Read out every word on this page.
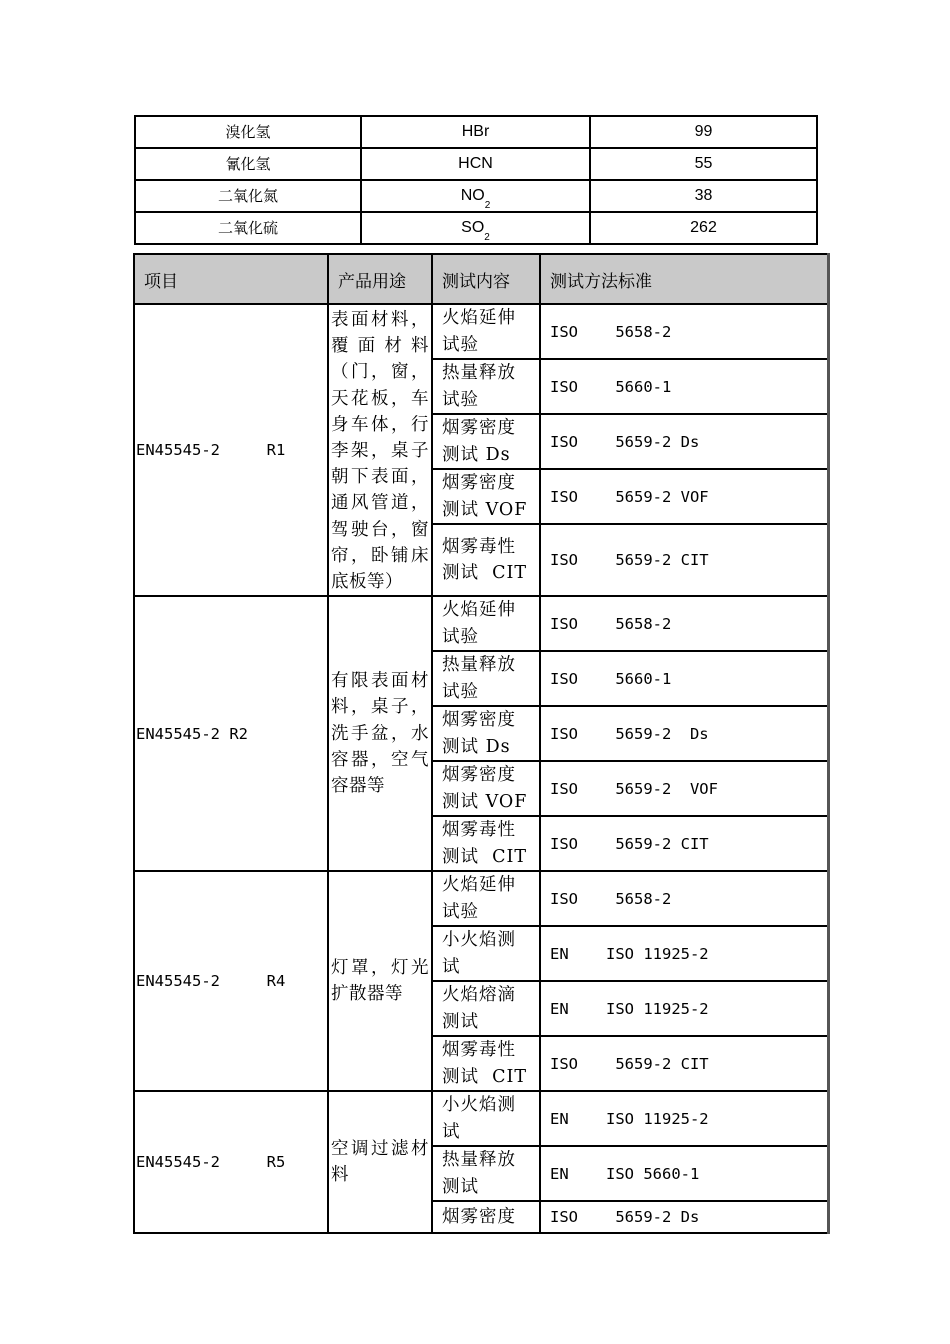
溴化氢	HBr	99
氰化氢	HCN	55
二氧化氮	$NO_2$	38
二氧化硫	$SO_2$	262
项目	产品用途	测试内容	测试方法标准
EN45545-2     R1	表面材料，覆面材料（门，窗，天花板，车身车体，行李架，桌子朝下表面，通风管道，驾驶台，窗帘，卧铺床底板等）	火焰延伸试验	ISO    5658-2
		热量释放试验	ISO    5660-1
		烟雾密度测试 Ds	ISO    5659-2 Ds
		烟雾密度测试 VOF	ISO    5659-2 VOF
		烟雾毒性测试  CIT	ISO    5659-2 CIT
EN45545-2 R2	有限表面材料，桌子，洗手盆，水容器，空气容器等	火焰延伸试验	ISO    5658-2
		热量释放试验	ISO    5660-1
		烟雾密度测试 Ds	ISO    5659-2  Ds
		烟雾密度测试 VOF	ISO    5659-2  VOF
		烟雾毒性测试  CIT	ISO    5659-2 CIT
EN45545-2     R4	灯罩，灯光扩散器等	火焰延伸试验	ISO    5658-2
		小火焰测试	EN    ISO 11925-2
		火焰熔滴测试	EN    ISO 11925-2
		烟雾毒性测试  CIT	ISO    5659-2 CIT
EN45545-2     R5	空调过滤材料	小火焰测试	EN    ISO 11925-2
		热量释放测试	EN    ISO 5660-1
		烟雾密度	ISO    5659-2 Ds
